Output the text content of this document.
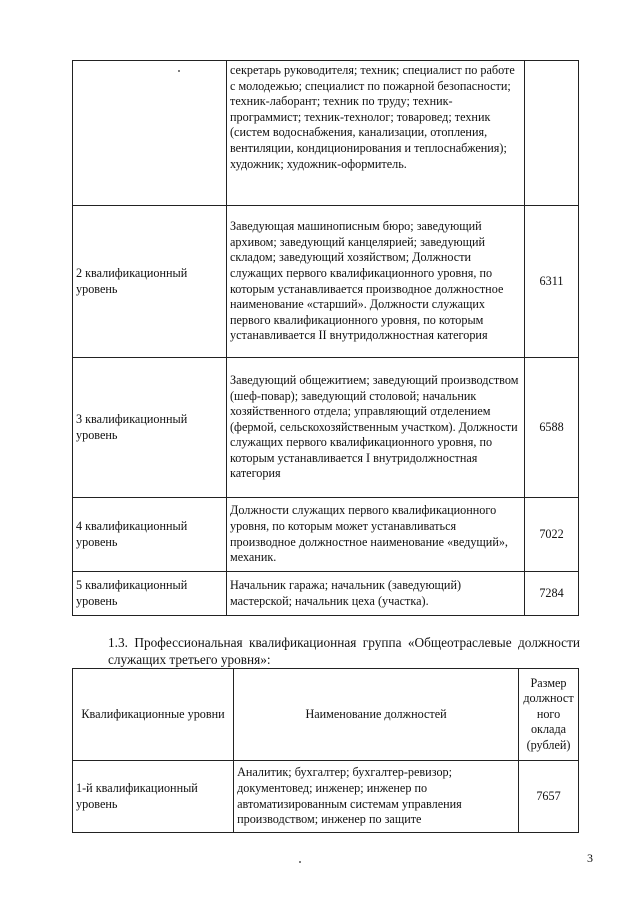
	секретарь руководителя; техник; специалист по работе с молодежью; специалист по пожарной безопасности; техник-лаборант; техник по труду; техник-программист; техник-технолог; товаровед; техник (систем водоснабжения, канализации, отопления, вентиляции, кондиционирования и теплоснабжения); художник; художник-оформитель.	
2 квалификационный уровень	Заведующая машинописным бюро; заведующий архивом; заведующий канцелярией; заведующий складом; заведующий хозяйством; Должности служащих первого квалификационного уровня, по которым устанавливается производное должностное наименование «старший». Должности служащих первого квалификационного уровня, по которым устанавливается II внутридолжностная категория	6311
3 квалификационный уровень	Заведующий общежитием; заведующий производством (шеф-повар); заведующий столовой; начальник хозяйственного отдела; управляющий отделением (фермой, сельскохозяйственным участком). Должности служащих первого квалификационного уровня, по которым устанавливается I внутридолжностная категория	6588
4 квалификационный уровень	Должности служащих первого квалификационного уровня, по которым может устанавливаться производное должностное наименование «ведущий», механик.	7022
5 квалификационный уровень	Начальник гаража; начальник (заведующий) мастерской; начальник цеха (участка).	7284
1.3. Профессиональная квалификационная группа «Общеотраслевые должности служащих третьего уровня»:
Квалификационные уровни	Наименование должностей	Размер должност ного оклада (рублей)
1-й квалификационный уровень	Аналитик; бухгалтер; бухгалтер-ревизор; документовед; инженер; инженер по автоматизированным системам управления производством; инженер по защите	7657
3
